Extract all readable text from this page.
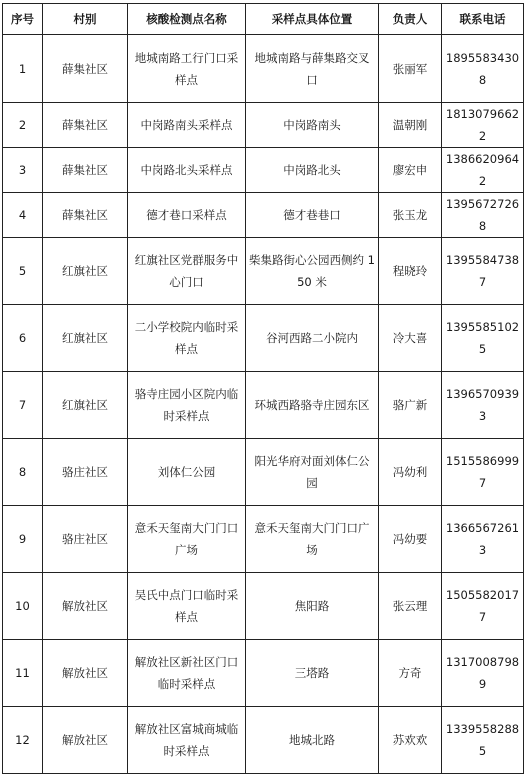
序号	村别	核酸检测点名称	采样点具体位置	负责人	联系电话
1	薛集社区	地城南路工行门口采样点	地城南路与薛集路交叉口	张丽军	18955834308
2	薛集社区	中岗路南头采样点	中岗路南头	温朝刚	18130796622
3	薛集社区	中岗路北头采样点	中岗路北头	廖宏申	13866209642
4	薛集社区	德才巷口采样点	德才巷巷口	张玉龙	13956727268
5	红旗社区	红旗社区党群服务中心门口	柴集路街心公园西侧约 150 米	程晓玲	13955847387
6	红旗社区	二小学校院内临时采样点	谷河西路二小院内	冷大喜	13955851025
7	红旗社区	骆寺庄园小区院内临时采样点	环城西路骆寺庄园东区	骆广新	13965709393
8	骆庄社区	刘体仁公园	阳光华府对面刘体仁公园	冯幼利	15155869997
9	骆庄社区	意禾天玺南大门门口广场	意禾天玺南大门门口广场	冯幼要	13665672613
10	解放社区	吴氏中点门口临时采样点	焦阳路	张云理	15055820177
11	解放社区	解放社区新社区门口临时采样点	三塔路	方奇	13170087989
12	解放社区	解放社区富城商城临时采样点	地城北路	苏欢欢	13395582885
